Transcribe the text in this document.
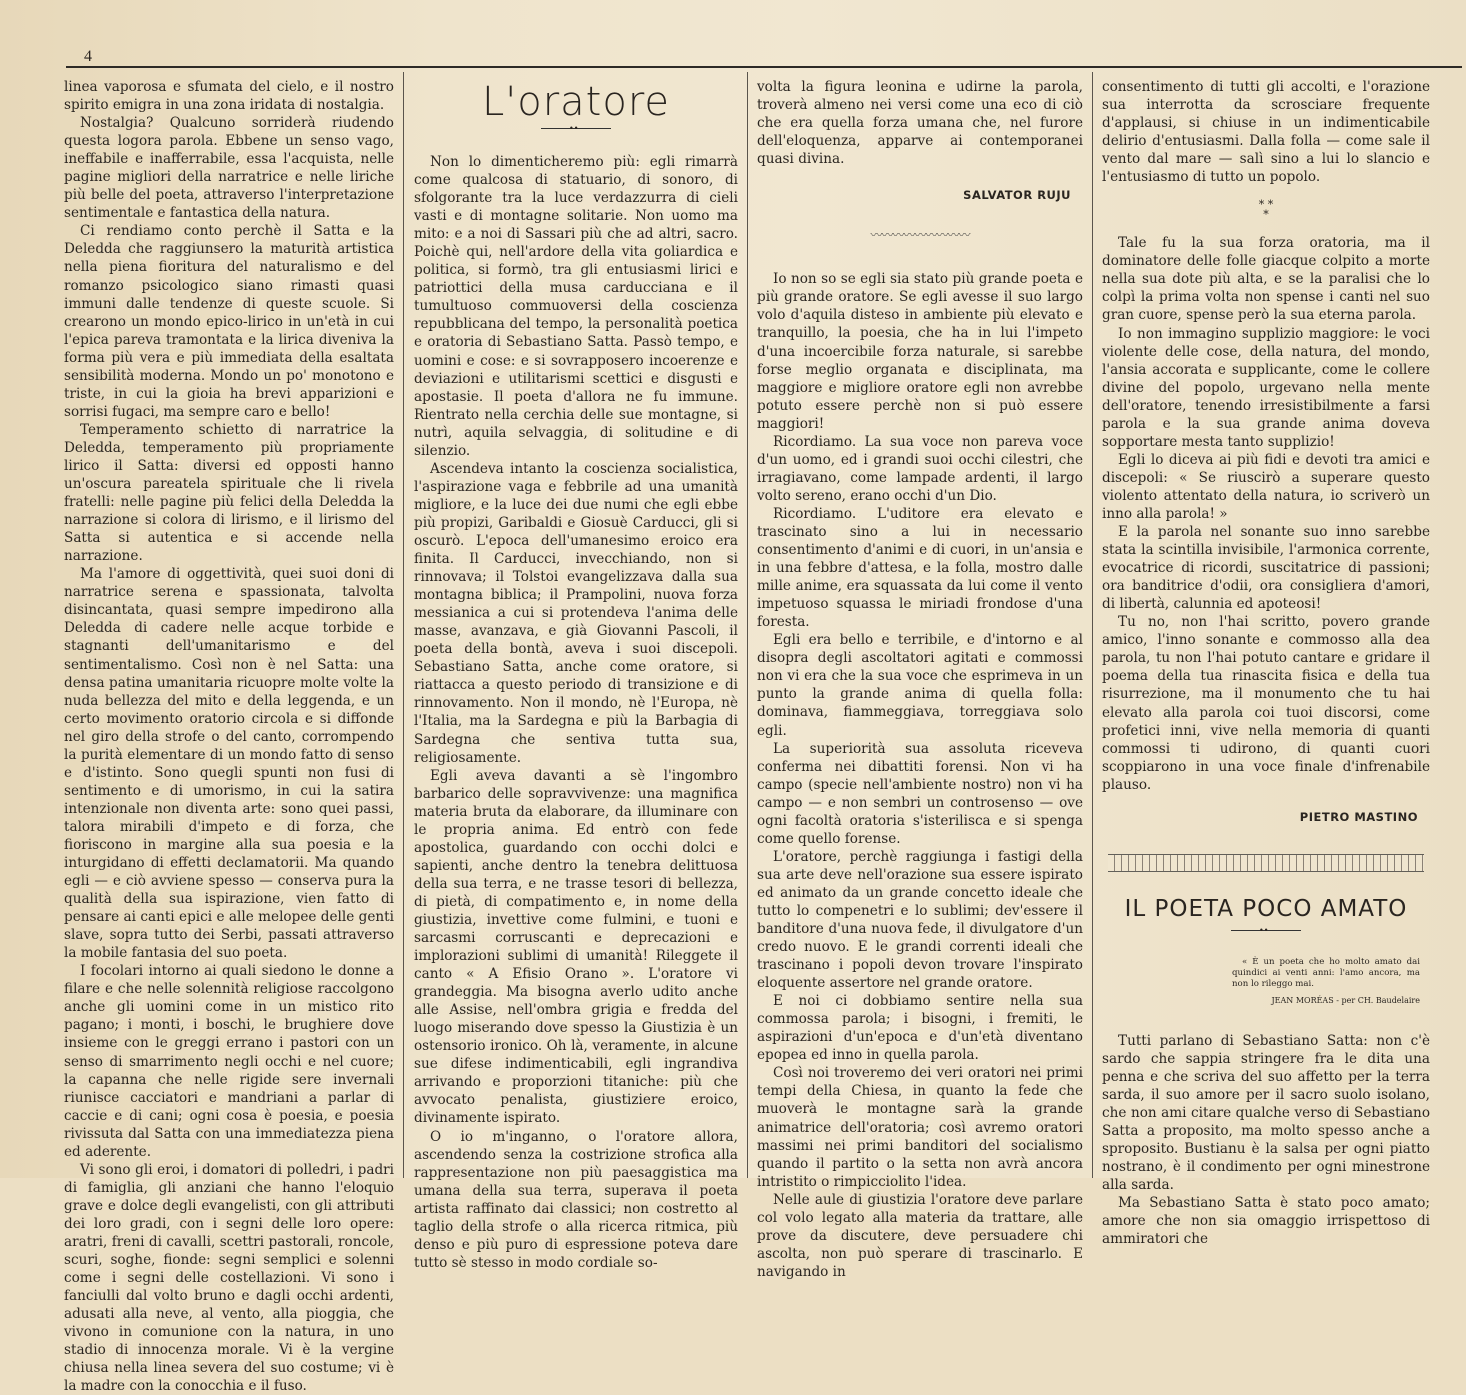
4

linea vaporosa e sfumata del cielo, e il nostro spirito emigra in una zona iridata di nostalgia.

Nostalgia? Qualcuno sorriderà riudendo questa logora parola. Ebbene un senso vago, ineffabile e inafferrabile, essa l'acquista, nelle pagine migliori della narratrice e nelle liriche più belle del poeta, attraverso l'interpretazione sentimentale e fantastica della natura.

Ci rendiamo conto perchè il Satta e la Deledda che raggiunsero la maturità artistica nella piena fioritura del naturalismo e del romanzo psicologico siano rimasti quasi immuni dalle tendenze di queste scuole. Si crearono un mondo epico-lirico in un'età in cui l'epica pareva tramontata e la lirica diveniva la forma più vera e più immediata della esaltata sensibilità moderna. Mondo un po' monotono e triste, in cui la gioia ha brevi apparizioni e sorrisi fugaci, ma sempre caro e bello!

Temperamento schietto di narratrice la Deledda, temperamento più propriamente lirico il Satta: diversi ed opposti hanno un'oscura pareatela spirituale che li rivela fratelli: nelle pagine più felici della Deledda la narrazione si colora di lirismo, e il lirismo del Satta si autentica e si accende nella narrazione.

Ma l'amore di oggettività, quei suoi doni di narratrice serena e spassionata, talvolta disincantata, quasi sempre impedirono alla Deledda di cadere nelle acque torbide e stagnanti dell'umanitarismo e del sentimentalismo. Così non è nel Satta: una densa patina umanitaria ricuopre molte volte la nuda bellezza del mito e della leggenda, e un certo movimento oratorio circola e si diffonde nel giro della strofe o del canto, corrompendo la purità elementare di un mondo fatto di senso e d'istinto. Sono quegli spunti non fusi di sentimento e di umorismo, in cui la satira intenzionale non diventa arte: sono quei passi, talora mirabili d'impeto e di forza, che fioriscono in margine alla sua poesia e la inturgidano di effetti declamatorii. Ma quando egli — e ciò avviene spesso — conserva pura la qualità della sua ispirazione, vien fatto di pensare ai canti epici e alle melopee delle genti slave, sopra tutto dei Serbi, passati attraverso la mobile fantasia del suo poeta.

I focolari intorno ai quali siedono le donne a filare e che nelle solennità religiose raccolgono anche gli uomini come in un mistico rito pagano; i monti, i boschi, le brughiere dove insieme con le greggi errano i pastori con un senso di smarrimento negli occhi e nel cuore; la capanna che nelle rigide sere invernali riunisce cacciatori e mandriani a parlar di caccie e di cani; ogni cosa è poesia, e poesia rivissuta dal Satta con una immediatezza piena ed aderente.

Vi sono gli eroi, i domatori di polledri, i padri di famiglia, gli anziani che hanno l'eloquio grave e dolce degli evangelisti, con gli attributi dei loro gradi, con i segni delle loro opere: aratri, freni di cavalli, scettri pastorali, roncole, scuri, soghe, fionde: segni semplici e solenni come i segni delle costellazioni. Vi sono i fanciulli dal volto bruno e dagli occhi ardenti, adusati alla neve, al vento, alla pioggia, che vivono in comunione con la natura, in uno stadio di innocenza morale. Vi è la vergine chiusa nella linea severa del suo costume; vi è la madre con la conocchia e il fuso.

L'oratore
••

Non lo dimenticheremo più: egli rimarrà come qualcosa di statuario, di sonoro, di sfolgorante tra la luce verdazzurra di cieli vasti e di montagne solitarie. Non uomo ma mito: e a noi di Sassari più che ad altri, sacro. Poichè qui, nell'ardore della vita goliardica e politica, si formò, tra gli entusiasmi lirici e patriottici della musa carducciana e il tumultuoso commuoversi della coscienza repubblicana del tempo, la personalità poetica e oratoria di Sebastiano Satta. Passò tempo, e uomini e cose: e si sovrapposero incoerenze e deviazioni e utilitarismi scettici e disgusti e apostasie. Il poeta d'allora ne fu immune. Rientrato nella cerchia delle sue montagne, si nutrì, aquila selvaggia, di solitudine e di silenzio.

Ascendeva intanto la coscienza socialistica, l'aspirazione vaga e febbrile ad una umanità migliore, e la luce dei due numi che egli ebbe più propizi, Garibaldi e Giosuè Carducci, gli si oscurò. L'epoca dell'umanesimo eroico era finita. Il Carducci, invecchiando, non si rinnovava; il Tolstoi evangelizzava dalla sua montagna biblica; il Prampolini, nuova forza messianica a cui si protendeva l'anima delle masse, avanzava, e già Giovanni Pascoli, il poeta della bontà, aveva i suoi discepoli. Sebastiano Satta, anche come oratore, si riattacca a questo periodo di transizione e di rinnovamento. Non il mondo, nè l'Europa, nè l'Italia, ma la Sardegna e più la Barbagia di Sardegna che sentiva tutta sua, religiosamente.

Egli aveva davanti a sè l'ingombro barbarico delle sopravvivenze: una magnifica materia bruta da elaborare, da illuminare con le propria anima. Ed entrò con fede apostolica, guardando con occhi dolci e sapienti, anche dentro la tenebra delittuosa della sua terra, e ne trasse tesori di bellezza, di pietà, di compatimento e, in nome della giustizia, invettive come fulmini, e tuoni e sarcasmi corruscanti e deprecazioni e implorazioni sublimi di umanità! Rileggete il canto « A Efisio Orano ». L'oratore vi grandeggia. Ma bisogna averlo udito anche alle Assise, nell'ombra grigia e fredda del luogo miserando dove spesso la Giustizia è un ostensorio ironico. Oh là, veramente, in alcune sue difese indimenticabili, egli ingrandiva arrivando e proporzioni titaniche: più che avvocato penalista, giustiziere eroico, divinamente ispirato.

O io m'inganno, o l'oratore allora, ascendendo senza la costrizione strofica alla rappresentazione non più paesaggistica ma umana della sua terra, superava il poeta artista raffinato dai classici; non costretto al taglio della strofe o alla ricerca ritmica, più denso e più puro di espressione poteva dare tutto sè stesso in modo cordiale so-

volta la figura leonina e udirne la parola, troverà almeno nei versi come una eco di ciò che era quella forza umana che, nel furore dell'eloquenza, apparve ai contemporanei quasi divina.

SALVATOR RUJU
〰〰〰〰〰〰〰〰〰

Io non so se egli sia stato più grande poeta e più grande oratore. Se egli avesse il suo largo volo d'aquila disteso in ambiente più elevato e tranquillo, la poesia, che ha in lui l'impeto d'una incoercibile forza naturale, si sarebbe forse meglio organata e disciplinata, ma maggiore e migliore oratore egli non avrebbe potuto essere perchè non si può essere maggiori!

Ricordiamo. La sua voce non pareva voce d'un uomo, ed i grandi suoi occhi cilestri, che irragiavano, come lampade ardenti, il largo volto sereno, erano occhi d'un Dio.

Ricordiamo. L'uditore era elevato e trascinato sino a lui in necessario consentimento d'animi e di cuori, in un'ansia e in una febbre d'attesa, e la folla, mostro dalle mille anime, era squassata da lui come il vento impetuoso squassa le miriadi frondose d'una foresta.

Egli era bello e terribile, e d'intorno e al disopra degli ascoltatori agitati e commossi non vi era che la sua voce che esprimeva in un punto la grande anima di quella folla: dominava, fiammeggiava, torreggiava solo egli.

La superiorità sua assoluta riceveva conferma nei dibattiti forensi. Non vi ha campo (specie nell'ambiente nostro) non vi ha campo — e non sembri un controsenso — ove ogni facoltà oratoria s'isterilisca e si spenga come quello forense.

L'oratore, perchè raggiunga i fastigi della sua arte deve nell'orazione sua essere ispirato ed animato da un grande concetto ideale che tutto lo compenetri e lo sublimi; dev'essere il banditore d'una nuova fede, il divulgatore d'un credo nuovo. E le grandi correnti ideali che trascinano i popoli devon trovare l'inspirato eloquente assertore nel grande oratore.

E noi ci dobbiamo sentire nella sua commossa parola; i bisogni, i fremiti, le aspirazioni d'un'epoca e d'un'età diventano epopea ed inno in quella parola.

Così noi troveremo dei veri oratori nei primi tempi della Chiesa, in quanto la fede che muoverà le montagne sarà la grande animatrice dell'oratoria; così avremo oratori massimi nei primi banditori del socialismo quando il partito o la setta non avrà ancora intristito o rimpicciolito l'idea.

Nelle aule di giustizia l'oratore deve parlare col volo legato alla materia da trattare, alle prove da discutere, deve persuadere chi ascolta, non può sperare di trascinarlo. E navigando in

consentimento di tutti gli accolti, e l'orazione sua interrotta da scrosciare frequente d'applausi, si chiuse in un indimenticabile delirio d'entusiasmi. Dalla folla — come sale il vento dal mare — salì sino a lui lo slancio e l'entusiasmo di tutto un popolo.

* *
*

Tale fu la sua forza oratoria, ma il dominatore delle folle giacque colpito a morte nella sua dote più alta, e se la paralisi che lo colpì la prima volta non spense i canti nel suo gran cuore, spense però la sua eterna parola.

Io non immagino supplizio maggiore: le voci violente delle cose, della natura, del mondo, l'ansia accorata e supplicante, come le collere divine del popolo, urgevano nella mente dell'oratore, tenendo irresistibilmente a farsi parola e la sua grande anima doveva sopportare mesta tanto supplizio!

Egli lo diceva ai più fidi e devoti tra amici e discepoli: « Se riuscirò a superare questo violento attentato della natura, io scriverò un inno alla parola! »

E la parola nel sonante suo inno sarebbe stata la scintilla invisibile, l'armonica corrente, evocatrice di ricordi, suscitatrice di passioni; ora banditrice d'odii, ora consigliera d'amori, di libertà, calunnia ed apoteosi!

Tu no, non l'hai scritto, povero grande amico, l'inno sonante e commosso alla dea parola, tu non l'hai potuto cantare e gridare il poema della tua rinascita fisica e della tua risurrezione, ma il monumento che tu hai elevato alla parola coi tuoi discorsi, come profetici inni, vive nella memoria di quanti commossi ti udirono, di quanti cuori scoppiarono in una voce finale d'infrenabile plauso.

PIETRO MASTINO
IL POETA POCO AMATO
••
« È un poeta che ho molto amato dai quindici ai venti anni: l'amo ancora, ma non lo rileggo mai.
JEAN MORÉAS - per CH. Baudelaire

Tutti parlano di Sebastiano Satta: non c'è sardo che sappia stringere fra le dita una penna e che scriva del suo affetto per la terra sarda, il suo amore per il sacro suolo isolano, che non ami citare qualche verso di Sebastiano Satta a proposito, ma molto spesso anche a sproposito. Bustianu è la salsa per ogni piatto nostrano, è il condimento per ogni minestrone alla sarda.

Ma Sebastiano Satta è stato poco amato; amore che non sia omaggio irrispettoso di ammiratori che
